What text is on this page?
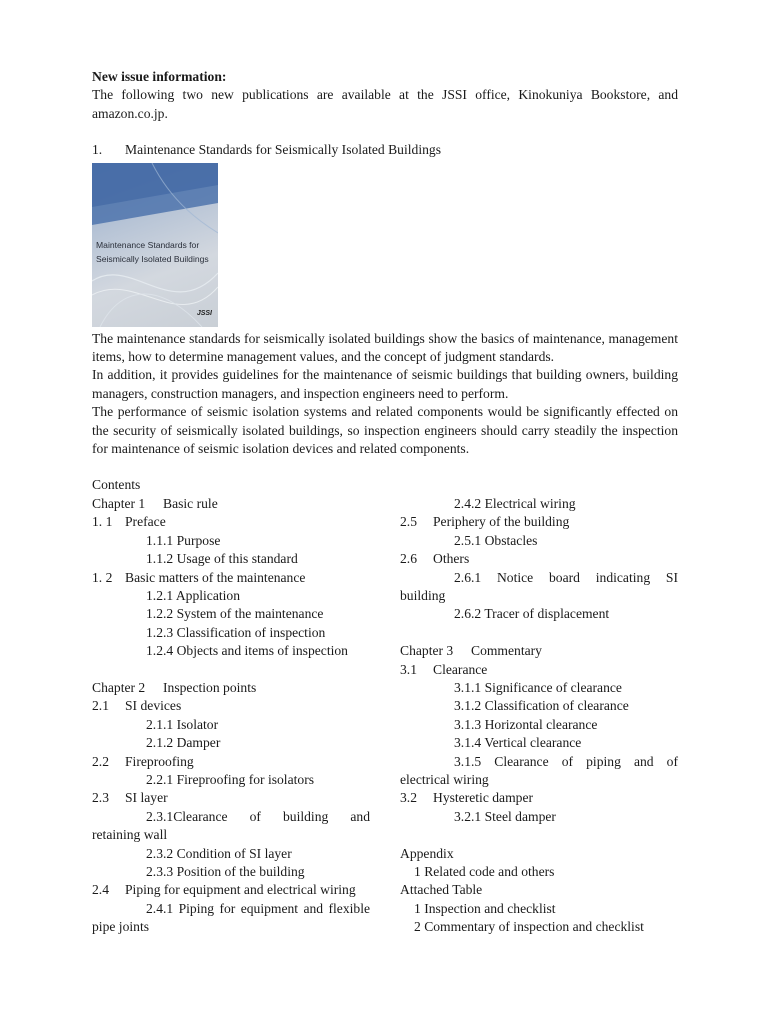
New issue information:
The following two new publications are available at the JSSI office, Kinokuniya Bookstore, and amazon.co.jp.
1.	Maintenance Standards for Seismically Isolated Buildings
Maintenance Standards for
Seismically Isolated Buildings
JSSI
The maintenance standards for seismically isolated buildings show the basics of maintenance, management items, how to determine management values, and the concept of judgment standards.
In addition, it provides guidelines for the maintenance of seismic buildings that building owners, building managers, construction managers, and inspection engineers need to perform.
The performance of seismic isolation systems and related components would be significantly effected on the security of seismically isolated buildings, so inspection engineers should carry steadily the inspection for maintenance of seismic isolation devices and related components.
Contents
Chapter 1	Basic rule
1. 1 Preface
1.1.1 Purpose
1.1.2 Usage of this standard
1. 2 Basic matters of the maintenance
1.2.1 Application
1.2.2 System of the maintenance
1.2.3 Classification of inspection
1.2.4 Objects and items of inspection
Chapter 2	Inspection points
2.1	SI devices
2.1.1 Isolator
2.1.2 Damper
2.2	Fireproofing
2.2.1 Fireproofing for isolators
2.3	SI layer
2.3.1Clearance of building and
retaining wall
2.3.2 Condition of SI layer
2.3.3 Position of the building
2.4	Piping for equipment and electrical wiring
2.4.1 Piping for equipment and flexible
pipe joints
2.4.2 Electrical wiring
2.5	Periphery of the building
2.5.1 Obstacles
2.6	Others
2.6.1 Notice board indicating SI
building
2.6.2 Tracer of displacement
Chapter 3	Commentary
3.1	Clearance
3.1.1 Significance of clearance
3.1.2 Classification of clearance
3.1.3 Horizontal clearance
3.1.4 Vertical clearance
3.1.5 Clearance of piping and of
electrical wiring
3.2	Hysteretic damper
3.2.1 Steel damper
Appendix
1 Related code and others
Attached Table
1 Inspection and checklist
2 Commentary of inspection and checklist
